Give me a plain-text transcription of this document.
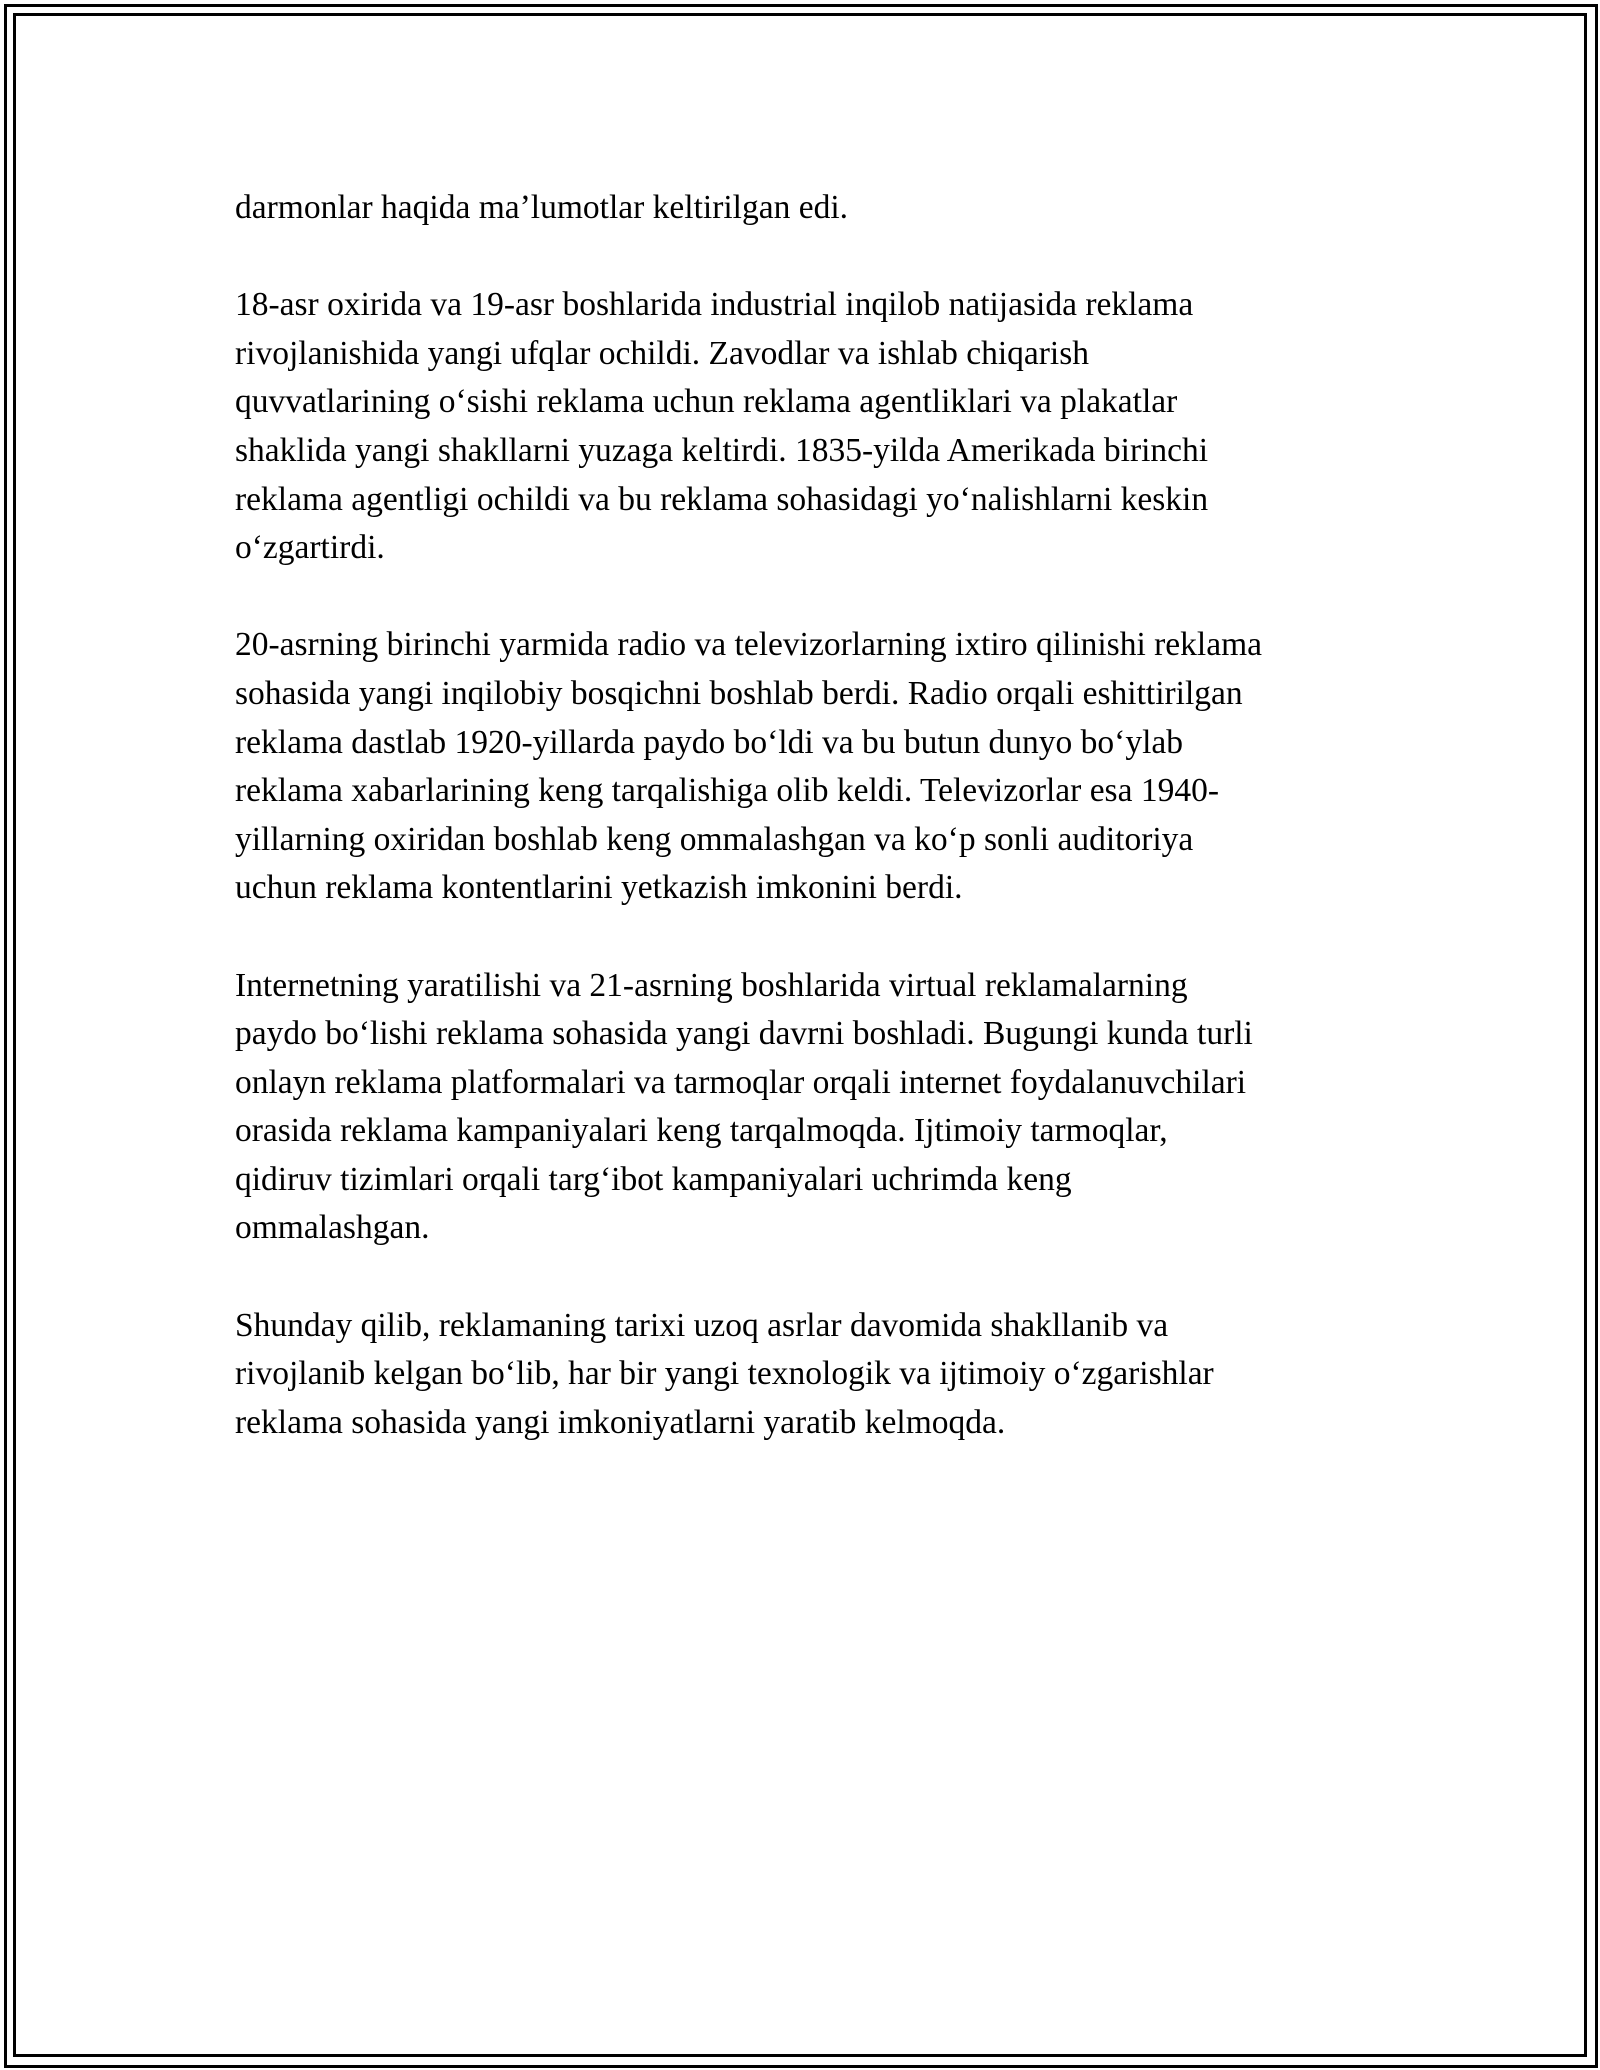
darmonlar haqida maʼlumotlar keltirilgan edi.

18-asr oxirida va 19-asr boshlarida industrial inqilob natijasida reklama
rivojlanishida yangi ufqlar ochildi. Zavodlar va ishlab chiqarish
quvvatlarining oʻsishi reklama uchun reklama agentliklari va plakatlar
shaklida yangi shakllarni yuzaga keltirdi. 1835-yilda Amerikada birinchi
reklama agentligi ochildi va bu reklama sohasidagi yoʻnalishlarni keskin
oʻzgartirdi.

20-asrning birinchi yarmida radio va televizorlarning ixtiro qilinishi reklama
sohasida yangi inqilobiy bosqichni boshlab berdi. Radio orqali eshittirilgan
reklama dastlab 1920-yillarda paydo boʻldi va bu butun dunyo boʻylab
reklama xabarlarining keng tarqalishiga olib keldi. Televizorlar esa 1940-
yillarning oxiridan boshlab keng ommalashgan va koʻp sonli auditoriya
uchun reklama kontentlarini yetkazish imkonini berdi.

Internetning yaratilishi va 21-asrning boshlarida virtual reklamalarning
paydo boʻlishi reklama sohasida yangi davrni boshladi. Bugungi kunda turli
onlayn reklama platformalari va tarmoqlar orqali internet foydalanuvchilari
orasida reklama kampaniyalari keng tarqalmoqda. Ijtimoiy tarmoqlar,
qidiruv tizimlari orqali targʻibot kampaniyalari uchrimda keng
ommalashgan.

Shunday qilib, reklamaning tarixi uzoq asrlar davomida shakllanib va
rivojlanib kelgan boʻlib, har bir yangi texnologik va ijtimoiy oʻzgarishlar
reklama sohasida yangi imkoniyatlarni yaratib kelmoqda.
